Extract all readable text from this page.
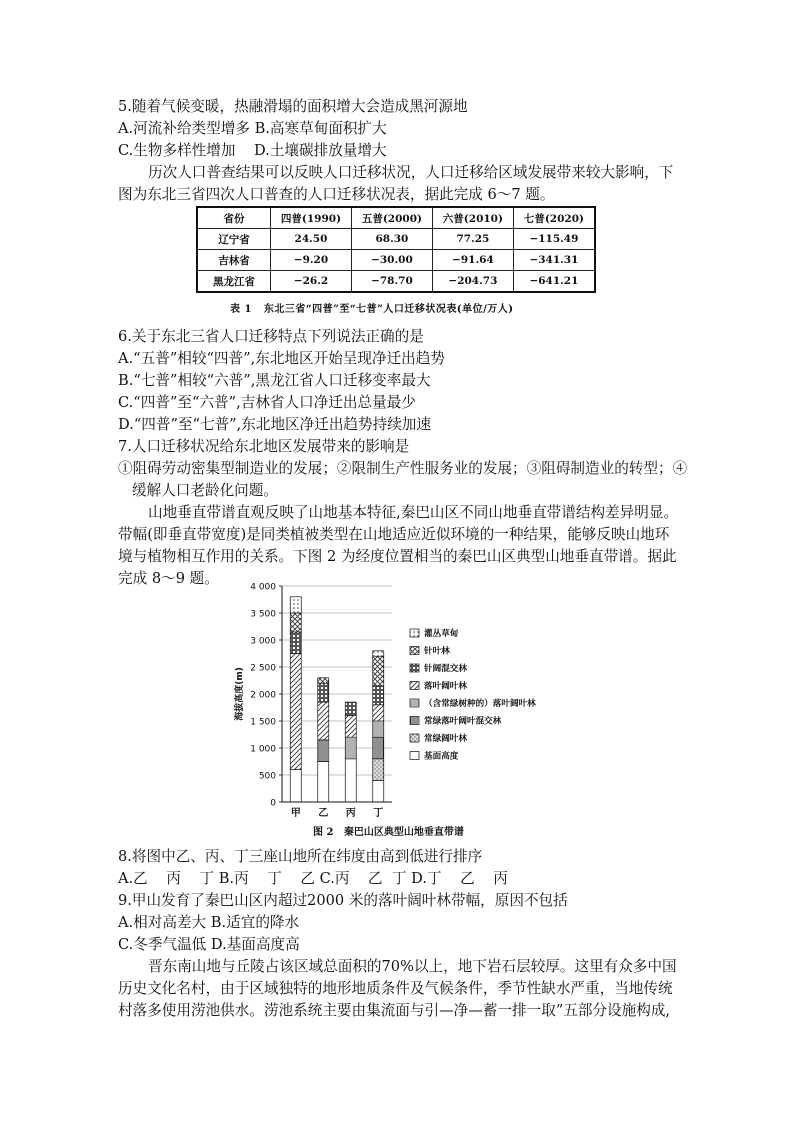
5.随着气候变暖，热融滑塌的面积增大会造成黑河源地
A.河流补给类型增多 B.高寒草甸面积扩大
C.生物多样性增加    D.土壤碳排放量增大
历次人口普查结果可以反映人口迁移状况，人口迁移给区域发展带来较大影响，下
图为东北三省四次人口普查的人口迁移状况表，据此完成 6～7 题。
省份	四普(1990)	五普(2000)	六普(2010)	七普(2020)
辽宁省	24.50	68.30	77.25	−115.49
吉林省	−9.20	−30.00	−91.64	−341.31
黑龙江省	−26.2	−78.70	−204.73	−641.21
表 1   东北三省“四普”至“七普”人口迁移状况表(单位/万人)
6.关于东北三省人口迁移特点下列说法正确的是
A.“五普”相较“四普”,东北地区开始呈现净迁出趋势
B.“七普”相较“六普”,黑龙江省人口迁移变率最大
C.“四普”至“六普”,吉林省人口净迁出总量最少
D.“四普”至“七普”,东北地区净迁出趋势持续加速
7.人口迁移状况给东北地区发展带来的影响是
①阻碍劳动密集型制造业的发展；②限制生产性服务业的发展；③阻碍制造业的转型；④
缓解人口老龄化问题。
山地垂直带谱直观反映了山地基本特征,秦巴山区不同山地垂直带谱结构差异明显。
带幅(即垂直带宽度)是同类植被类型在山地适应近似环境的一种结果，能够反映山地环
境与植物相互作用的关系。下图 2 为经度位置相当的秦巴山区典型山地垂直带谱。据此
完成 8～9 题。
0
500
1 000
1 500
2 000
2 500
3 000
3 500
4 000
海拔高度(m)
甲 乙 丙 丁
灌丛草甸
针叶林
针阔混交林
落叶阔叶林
（含常绿树种的）落叶阔叶林
常绿落叶阔叶混交林
常绿阔叶林
基面高度
图 2   秦巴山区典型山地垂直带谱
8.将图中乙、丙、丁三座山地所在纬度由高到低进行排序
A.乙    丙    丁 B.丙    丁    乙 C.丙    乙  丁 D.丁    乙    丙
9.甲山发育了秦巴山区内超过2000 米的落叶阔叶林带幅，原因不包括
A.相对高差大 B.适宜的降水
C.冬季气温低 D.基面高度高
晋东南山地与丘陵占该区域总面积的70%以上，地下岩石层较厚。这里有众多中国
历史文化名村，由于区域独特的地形地质条件及气候条件，季节性缺水严重，当地传统
村落多使用涝池供水。涝池系统主要由集流面与引—净—蓄一排一取”五部分设施构成,
